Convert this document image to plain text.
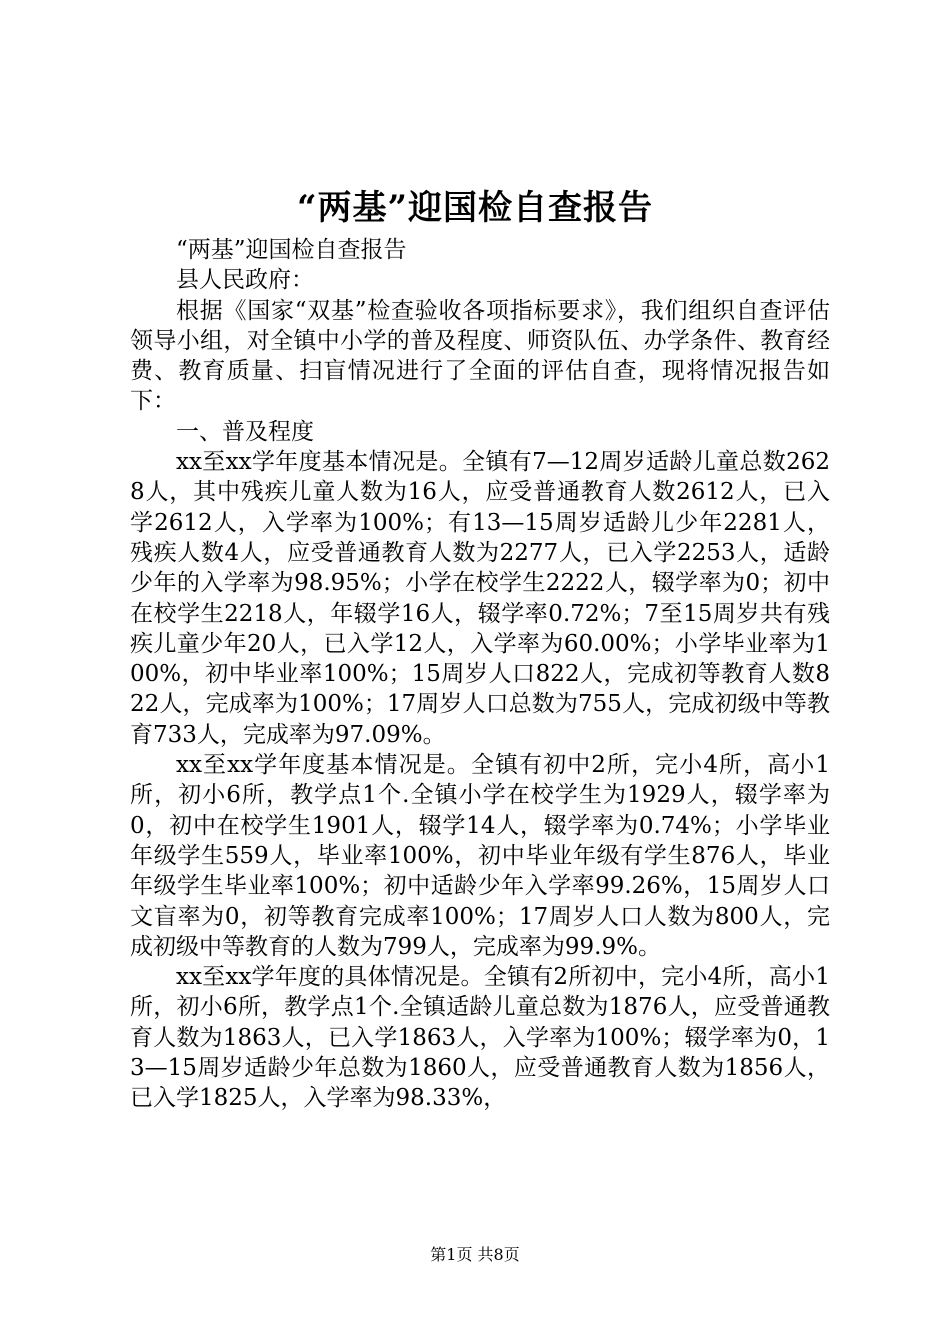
“两基”迎国检自查报告

“两基”迎国检自查报告

县人民政府：

根据《国家“双基”检查验收各项指标要求》，我们组织自查评估领导小组，对全镇中小学的普及程度、师资队伍、办学条件、教育经费、教育质量、扫盲情况进行了全面的评估自查，现将情况报告如下：

一、普及程度

xx至xx学年度基本情况是。全镇有7—12周岁适龄儿童总数2628人，其中残疾儿童人数为16人，应受普通教育人数2612人，已入学2612人，入学率为100%；有13—15周岁适龄儿少年2281人，残疾人数4人，应受普通教育人数为2277人，已入学2253人，适龄少年的入学率为98.95%；小学在校学生2222人，辍学率为0；初中在校学生2218人，年辍学16人，辍学率0.72%；7至15周岁共有残疾儿童少年20人，已入学12人，入学率为60.00%；小学毕业率为100%，初中毕业率100%；15周岁人口822人，完成初等教育人数822人，完成率为100%；17周岁人口总数为755人，完成初级中等教育733人，完成率为97.09%。

xx至xx学年度基本情况是。全镇有初中2所，完小4所，高小1所，初小6所，教学点1个.全镇小学在校学生为1929人，辍学率为0，初中在校学生1901人，辍学14人，辍学率为0.74%；小学毕业年级学生559人，毕业率100%，初中毕业年级有学生876人，毕业年级学生毕业率100%；初中适龄少年入学率99.26%，15周岁人口文盲率为0，初等教育完成率100%；17周岁人口人数为800人，完成初级中等教育的人数为799人，完成率为99.9%。

xx至xx学年度的具体情况是。全镇有2所初中，完小4所，高小1所，初小6所，教学点1个.全镇适龄儿童总数为1876人，应受普通教育人数为1863人，已入学1863人，入学率为100%；辍学率为0，13—15周岁适龄少年总数为1860人，应受普通教育人数为1856人，已入学1825人，入学率为98.33%，

第1页 共8页
